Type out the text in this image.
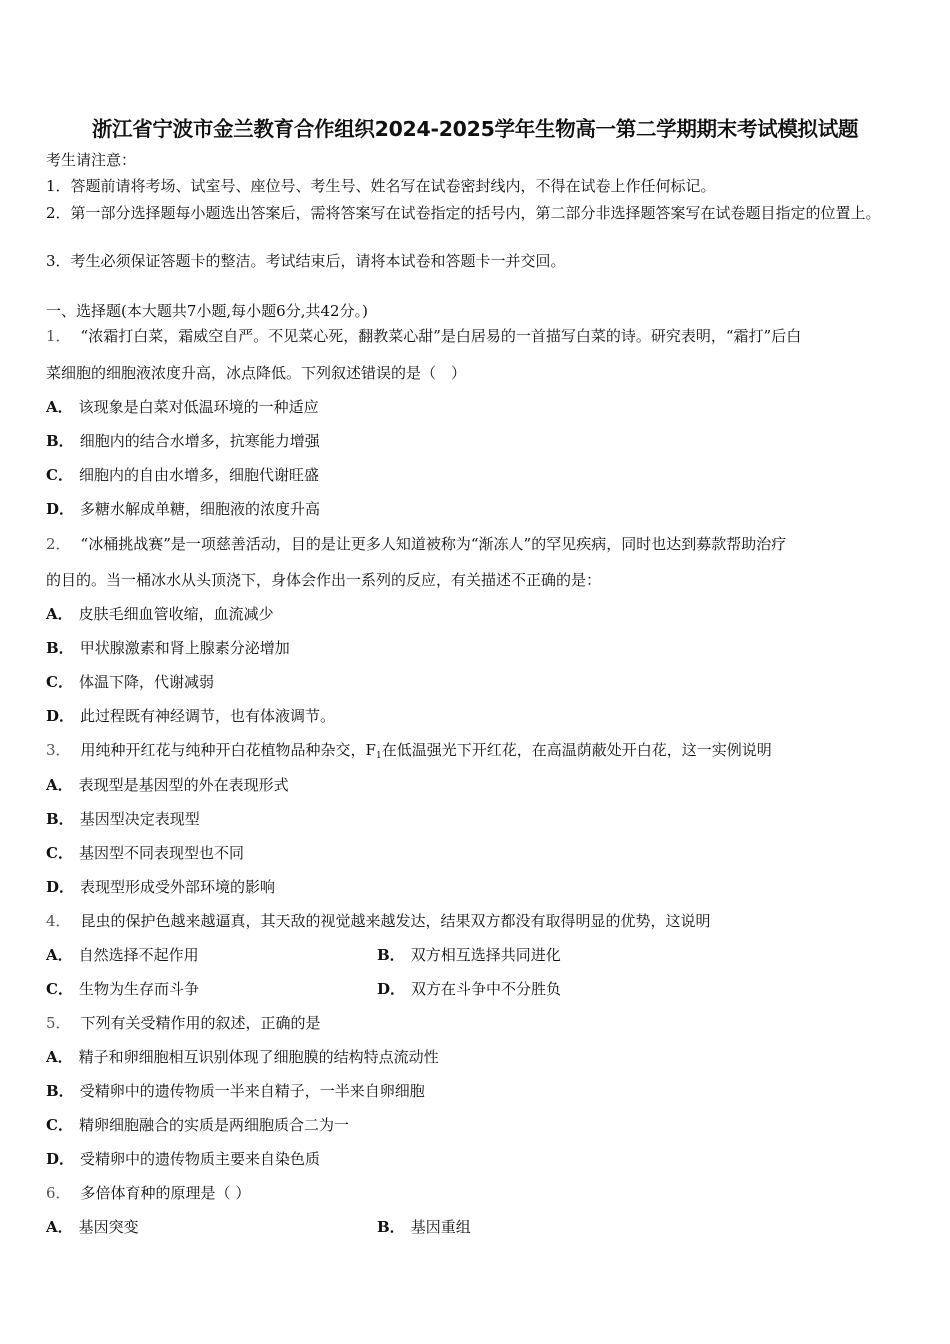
浙江省宁波市金兰教育合作组织2024-2025学年生物高一第二学期期末考试模拟试题
考生请注意：
1．答题前请将考场、试室号、座位号、考生号、姓名写在试卷密封线内，不得在试卷上作任何标记。
2．第一部分选择题每小题选出答案后，需将答案写在试卷指定的括号内，第二部分非选择题答案写在试卷题目指定的位置上。
3．考生必须保证答题卡的整洁。考试结束后，请将本试卷和答题卡一并交回。
一、选择题(本大题共7小题,每小题6分,共42分。)
1． “浓霜打白菜，霜威空自严。不见菜心死，翻教菜心甜”是白居易的一首描写白菜的诗。研究表明，“霜打”后白
菜细胞的细胞液浓度升高，冰点降低。下列叙述错误的是（　）
A． 该现象是白菜对低温环境的一种适应
B． 细胞内的结合水增多，抗寒能力增强
C． 细胞内的自由水增多，细胞代谢旺盛
D． 多糖水解成单糖，细胞液的浓度升高
2． “冰桶挑战赛”是一项慈善活动，目的是让更多人知道被称为“渐冻人”的罕见疾病，同时也达到募款帮助治疗
的目的。当一桶冰水从头顶浇下，身体会作出一系列的反应，有关描述不正确的是：
A． 皮肤毛细血管收缩，血流减少
B． 甲状腺激素和肾上腺素分泌增加
C． 体温下降，代谢减弱
D． 此过程既有神经调节，也有体液调节。
3． 用纯种开红花与纯种开白花植物品种杂交，$F_1$在低温强光下开红花，在高温荫蔽处开白花，这一实例说明
A． 表现型是基因型的外在表现形式
B． 基因型决定表现型
C． 基因型不同表现型也不同
D． 表现型形成受外部环境的影响
4． 昆虫的保护色越来越逼真，其天敌的视觉越来越发达，结果双方都没有取得明显的优势，这说明
A． 自然选择不起作用	B． 双方相互选择共同进化
C． 生物为生存而斗争	D． 双方在斗争中不分胜负
5． 下列有关受精作用的叙述，正确的是
A． 精子和卵细胞相互识别体现了细胞膜的结构特点流动性
B． 受精卵中的遗传物质一半来自精子，一半来自卵细胞
C． 精卵细胞融合的实质是两细胞质合二为一
D． 受精卵中的遗传物质主要来自染色质
6． 多倍体育种的原理是（ ）
A． 基因突变	B． 基因重组
